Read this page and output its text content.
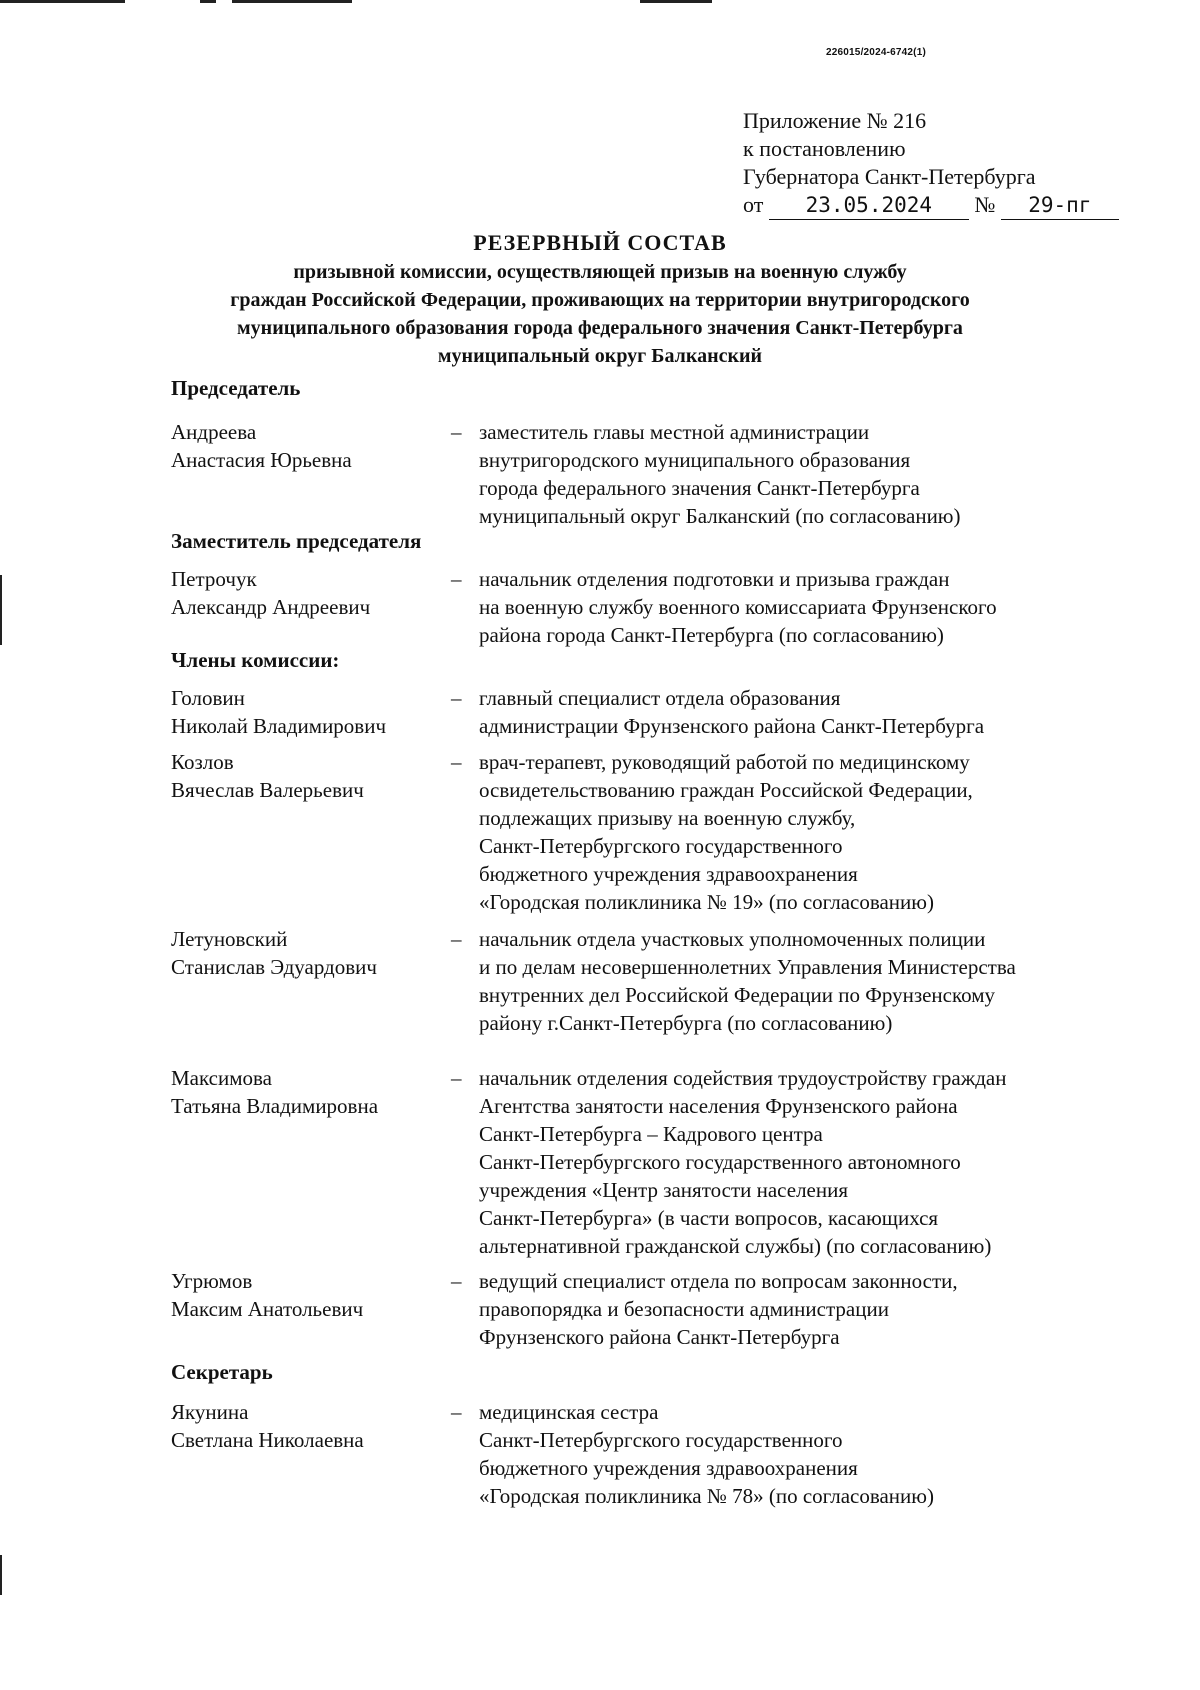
226015/2024-6742(1)
Приложение № 216
к постановлению
Губернатора Санкт-Петербурга
от 23.05.2024 № 29-пг
РЕЗЕРВНЫЙ СОСТАВ
призывной комиссии, осуществляющей призыв на военную службу
граждан Российской Федерации, проживающих на территории внутригородского
муниципального образования города федерального значения Санкт-Петербурга
муниципальный округ Балканский
Председатель
Андреева
Анастасия Юрьевна
– заместитель главы местной администрации
внутригородского муниципального образования
города федерального значения Санкт-Петербурга
муниципальный округ Балканский (по согласованию)
Заместитель председателя
Петрочук
Александр Андреевич
– начальник отделения подготовки и призыва граждан
на военную службу военного комиссариата Фрунзенского
района города Санкт-Петербурга (по согласованию)
Члены комиссии:
Головин
Николай Владимирович
– главный специалист отдела образования
администрации Фрунзенского района Санкт-Петербурга
Козлов
Вячеслав Валерьевич
– врач-терапевт, руководящий работой по медицинскому
освидетельствованию граждан Российской Федерации,
подлежащих призыву на военную службу,
Санкт-Петербургского государственного
бюджетного учреждения здравоохранения
«Городская поликлиника № 19» (по согласованию)
Летуновский
Станислав Эдуардович
– начальник отдела участковых уполномоченных полиции
и по делам несовершеннолетних Управления Министерства
внутренних дел Российской Федерации по Фрунзенскому
району г.Санкт-Петербурга (по согласованию)
Максимова
Татьяна Владимировна
– начальник отделения содействия трудоустройству граждан
Агентства занятости населения Фрунзенского района
Санкт-Петербурга – Кадрового центра
Санкт-Петербургского государственного автономного
учреждения «Центр занятости населения
Санкт-Петербурга» (в части вопросов, касающихся
альтернативной гражданской службы) (по согласованию)
Угрюмов
Максим Анатольевич
– ведущий специалист отдела по вопросам законности,
правопорядка и безопасности администрации
Фрунзенского района Санкт-Петербурга
Секретарь
Якунина
Светлана Николаевна
– медицинская сестра
Санкт-Петербургского государственного
бюджетного учреждения здравоохранения
«Городская поликлиника № 78» (по согласованию)
